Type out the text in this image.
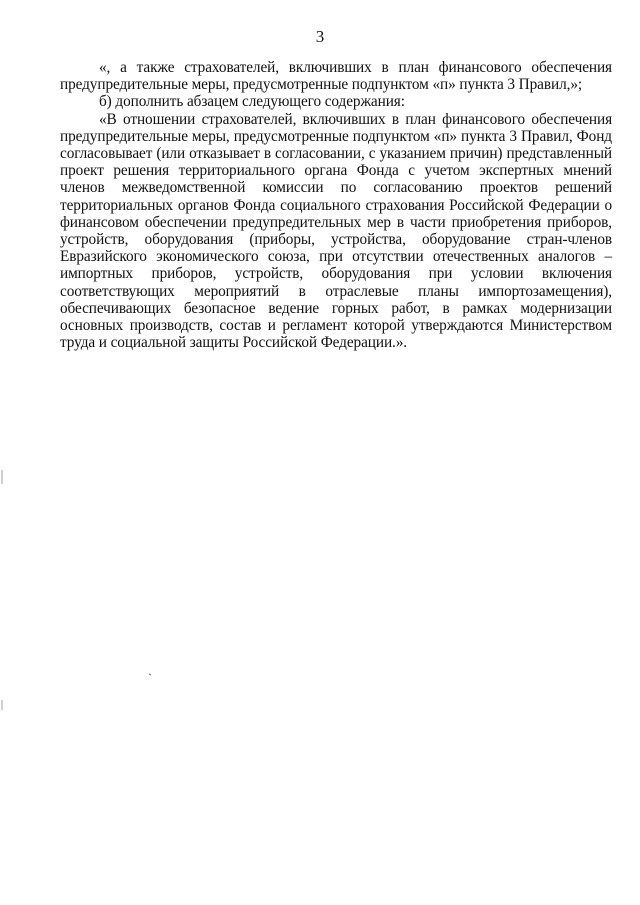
3

«, а также страхователей, включивших в план финансового обеспечения предупредительные меры, предусмотренные подпунктом «п» пункта 3 Правил,»;

б) дополнить абзацем следующего содержания:

«В отношении страхователей, включивших в план финансового обеспечения предупредительные меры, предусмотренные подпунктом «п» пункта 3 Правил, Фонд согласовывает (или отказывает в согласовании, с указанием причин) представленный проект решения территориального органа Фонда с учетом экспертных мнений членов межведомственной комиссии по согласованию проектов решений территориальных органов Фонда социального страхования Российской Федерации о финансовом обеспечении предупредительных мер в части приобретения приборов, устройств, оборудования (приборы, устройства, оборудование стран-членов Евразийского экономического союза, при отсутствии отечественных аналогов – импортных приборов, устройств, оборудования при условии включения соответствующих мероприятий в отраслевые планы импортозамещения), обеспечивающих безопасное ведение горных работ, в рамках модернизации основных производств, состав и регламент которой утверждаются Министерством труда и социальной защиты Российской Федерации.».

`
